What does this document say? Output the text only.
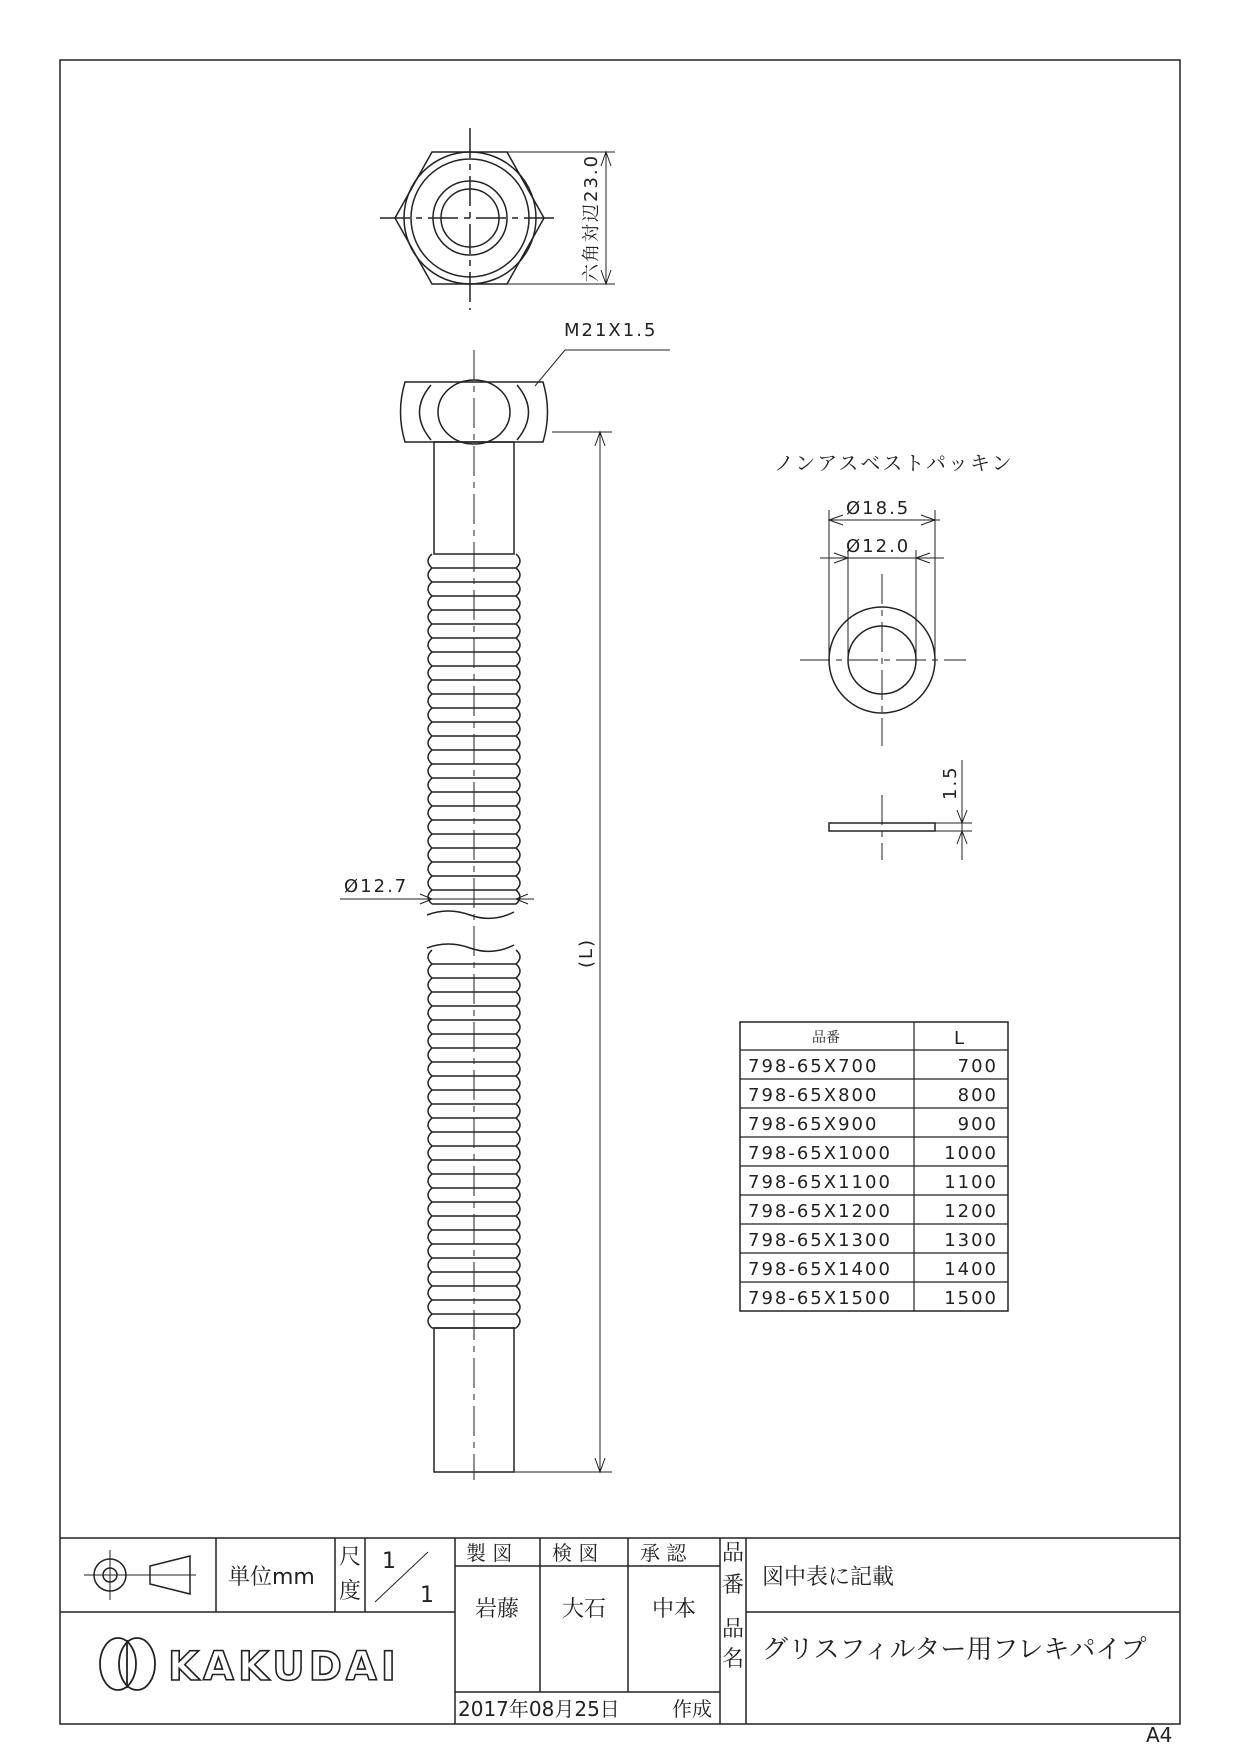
六角対辺23.0
M21X1.5
(L)
Ø12.7
ノンアスベストパッキン
Ø18.5
Ø12.0
1.5
品番	L
798-65X700	700
798-65X800	800
798-65X900	900
798-65X1000	1000
798-65X1100	1100
798-65X1200	1200
798-65X1300	1300
798-65X1400	1400
798-65X1500	1500
KAKUDAI
単位mm
尺
度
1
1
製 図 検 図 承 認
岩藤 大石 中本
2017年08月25日	作成
品
番 図中表に記載
品
名 グリスフィルター用フレキパイプ
A4
